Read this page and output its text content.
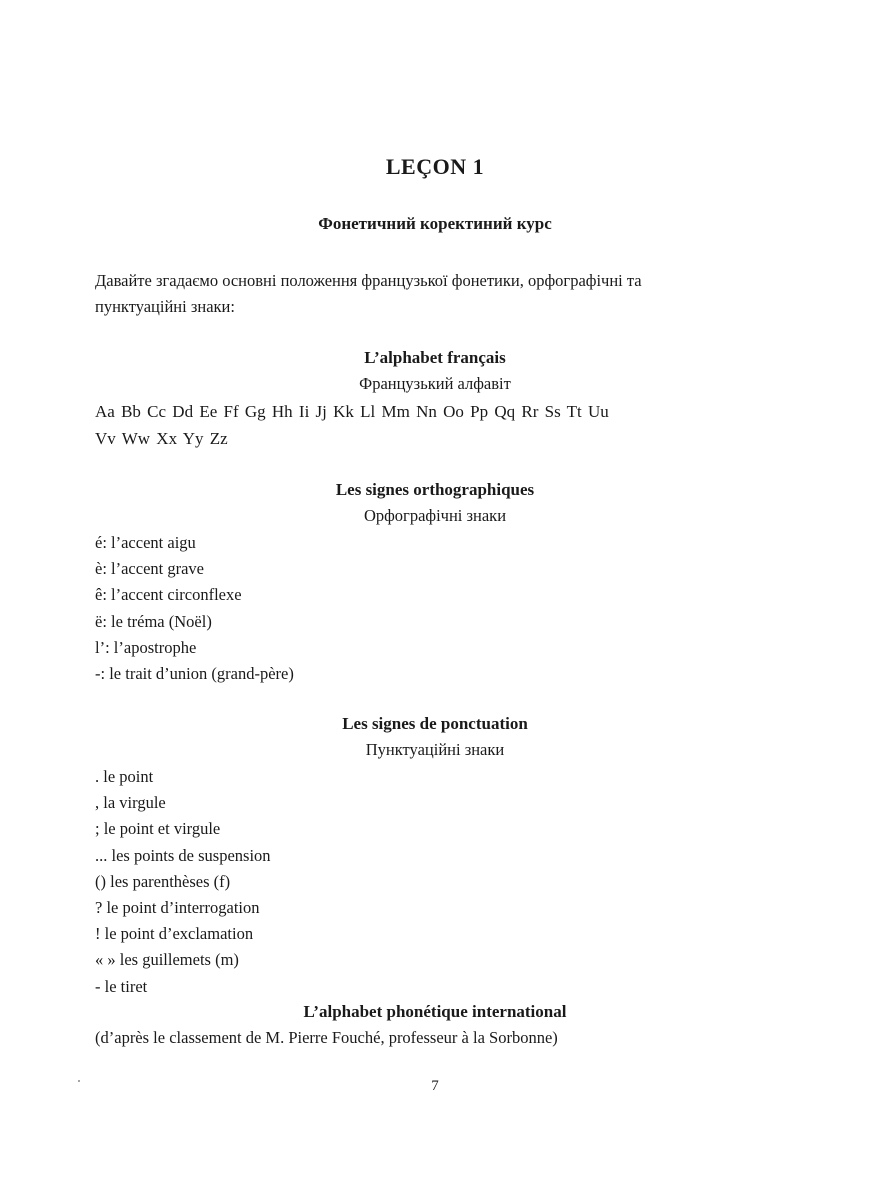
LEÇON 1
Фонетичний коректиний курс
Давайте згадаємо основні положення французької фонетики, орфографічні та пунктуаційні знаки:
L’alphabet français
Французький алфавіт
Aa Bb Cc Dd Ee Ff Gg Hh Ii Jj Kk Ll Mm Nn Oo Pp Qq Rr Ss Tt Uu
Vv Ww Xx Yy Zz
Les signes orthographiques
Орфографічні знаки
é: l’accent aigu
è: l’accent grave
ê: l’accent circonflexe
ë: le tréma (Noël)
l’: l’apostrophe
-: le trait d’union (grand-père)
Les signes de ponctuation
Пунктуаційні знаки
. le point
, la virgule
; le point et virgule
... les points de suspension
() les parenthèses (f)
? le point d’interrogation
! le point d’exclamation
« » les guillemets (m)
- le tiret
L’alphabet phonétique international
(d’après le classement de M. Pierre Fouché, professeur à la Sorbonne)
7
